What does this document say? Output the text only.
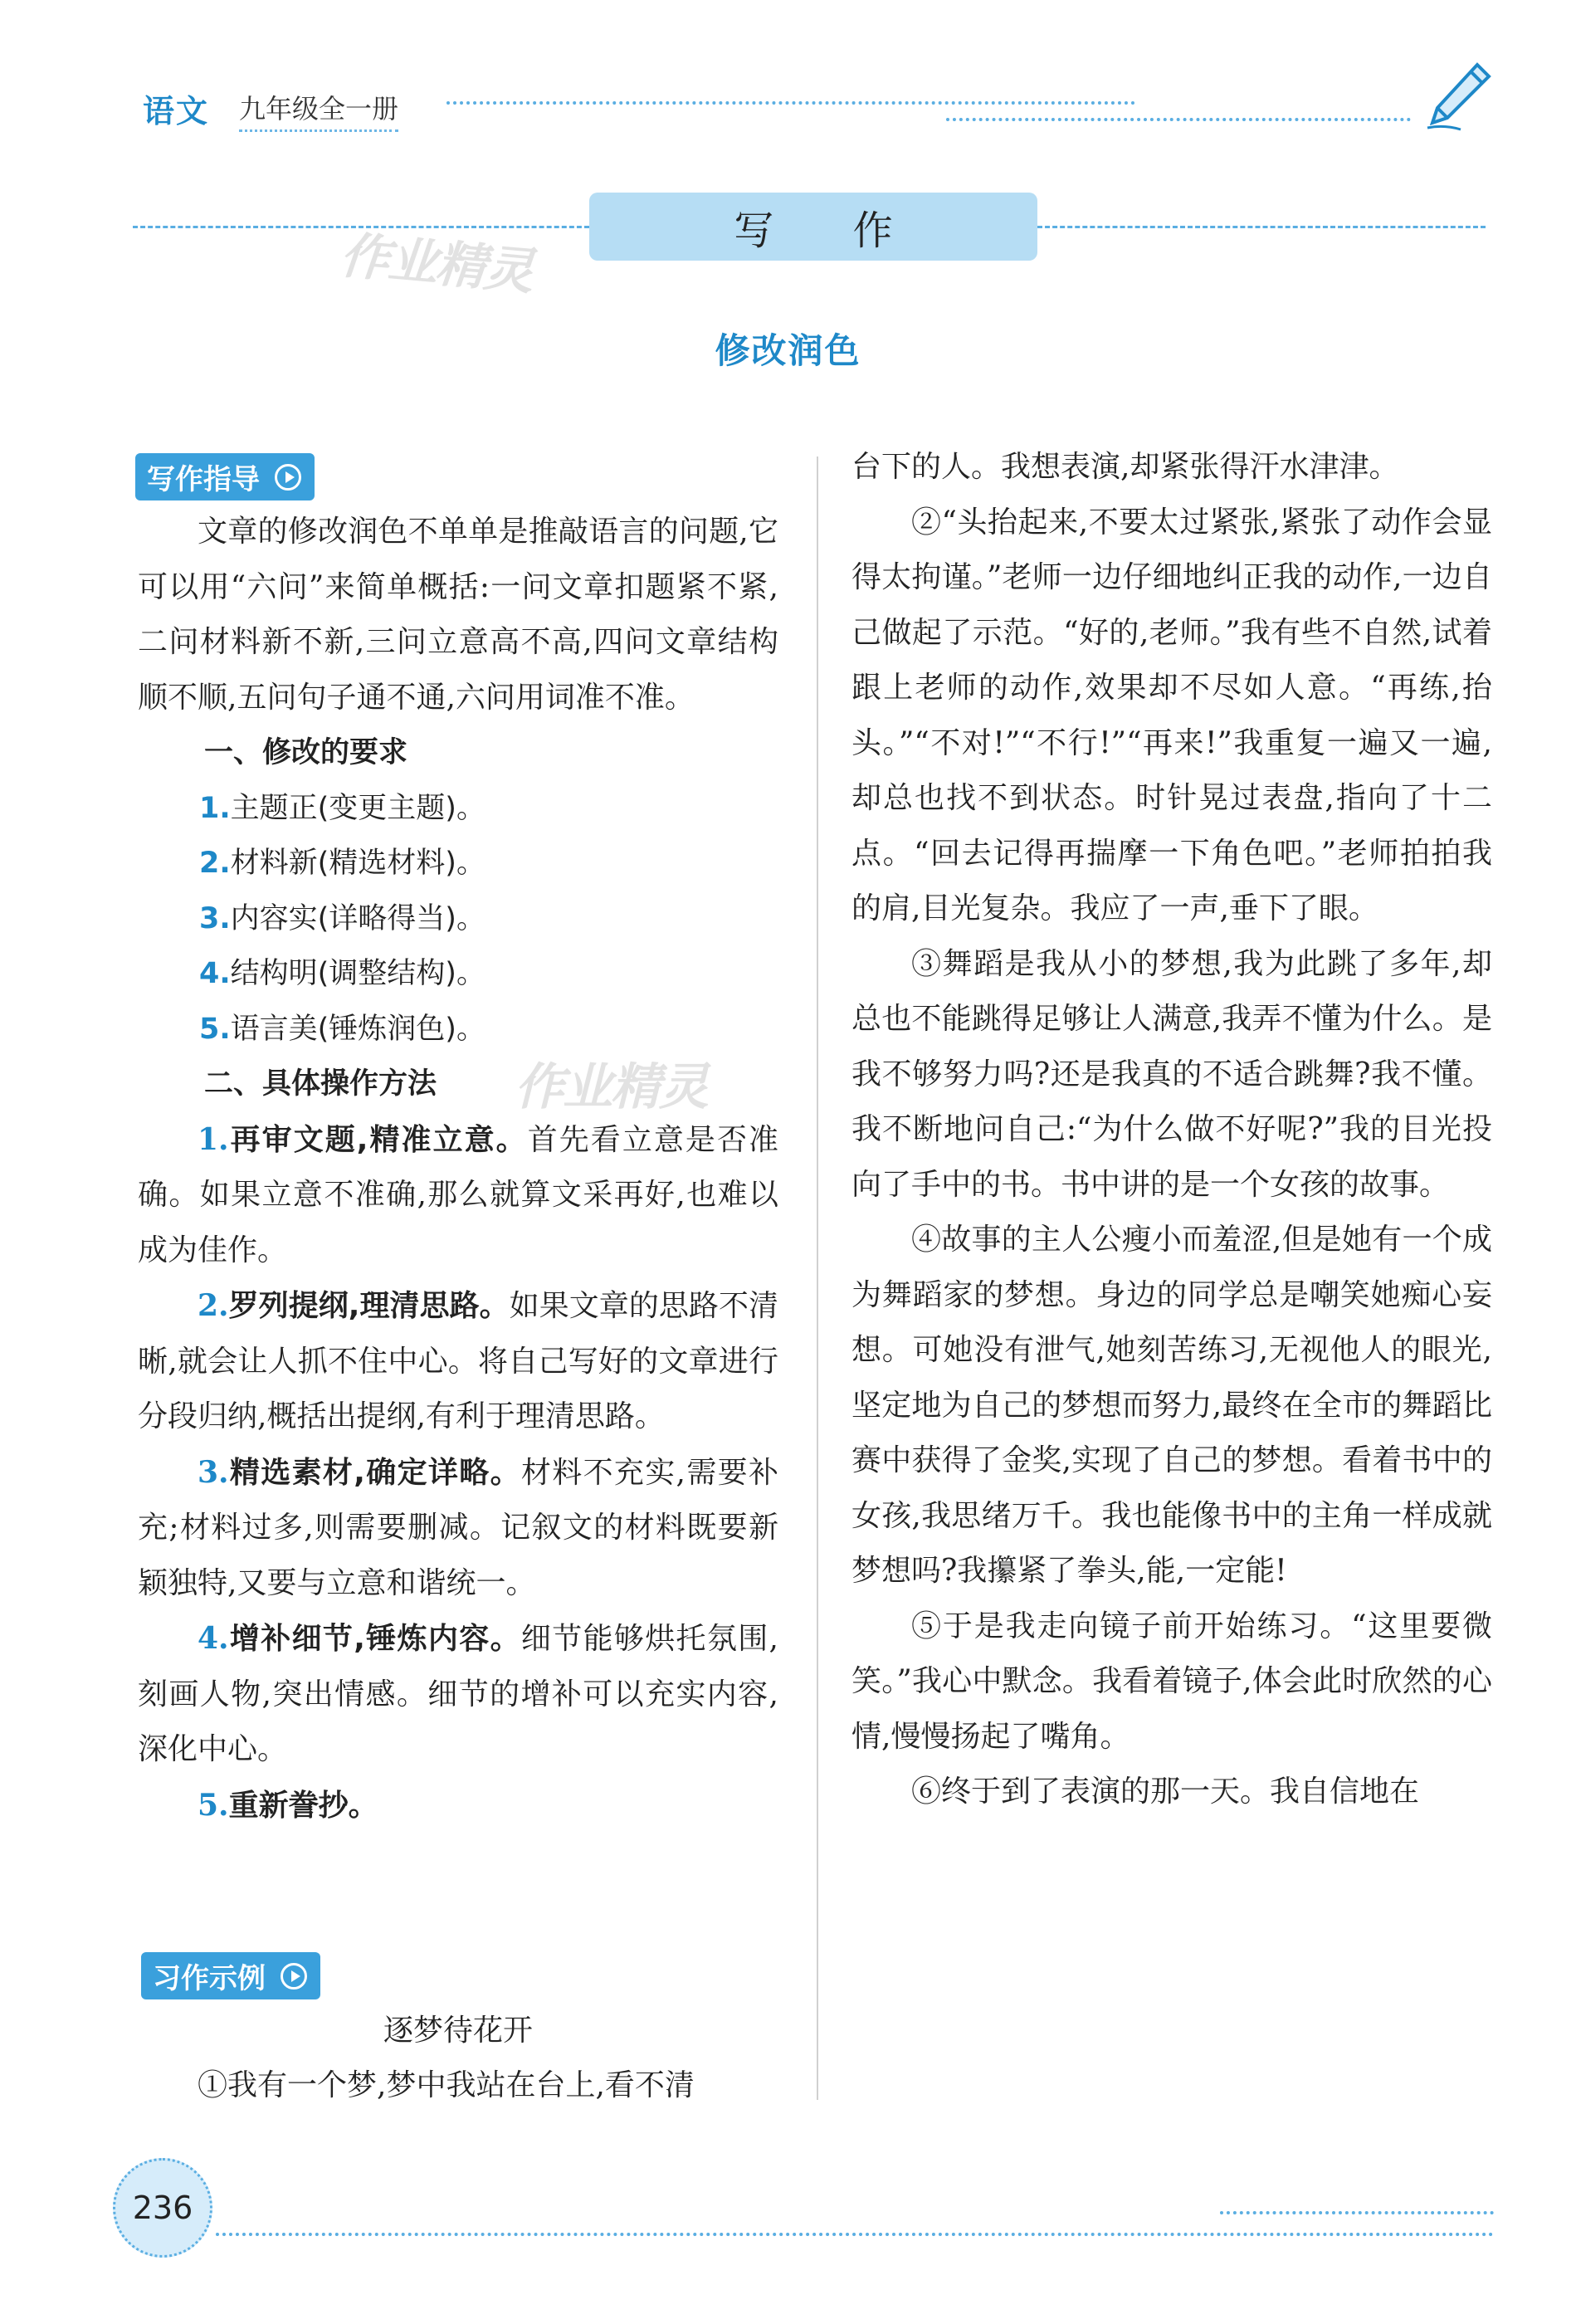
语文 九年级全一册
写 作
作业精灵
修改润色
写作指导

文章的修改润色不单单是推敲语言的问题,它可以用“六问”来简单概括:一问文章扣题紧不紧,二问材料新不新,三问立意高不高,四问文章结构顺不顺,五问句子通不通,六问用词准不准。

一、修改的要求
1.主题正(变更主题)。
2.材料新(精选材料)。
3.内容实(详略得当)。
4.结构明(调整结构)。
5.语言美(锤炼润色)。
二、具体操作方法

1.再审文题,精准立意。首先看立意是否准确。如果立意不准确,那么就算文采再好,也难以成为佳作。

2.罗列提纲,理清思路。如果文章的思路不清晰,就会让人抓不住中心。将自己写好的文章进行分段归纳,概括出提纲,有利于理清思路。

3.精选素材,确定详略。材料不充实,需要补充;材料过多,则需要删减。记叙文的材料既要新颖独特,又要与立意和谐统一。

4.增补细节,锤炼内容。细节能够烘托氛围,刻画人物,突出情感。细节的增补可以充实内容,深化中心。

5.重新誊抄。

作业精灵
习作示例
逐梦待花开

①我有一个梦,梦中我站在台上,看不清

台下的人。我想表演,却紧张得汗水津津。

②“头抬起来,不要太过紧张,紧张了动作会显得太拘谨。”老师一边仔细地纠正我的动作,一边自己做起了示范。“好的,老师。”我有些不自然,试着跟上老师的动作,效果却不尽如人意。“再练,抬头。”“不对!”“不行!”“再来!”我重复一遍又一遍,却总也找不到状态。时针晃过表盘,指向了十二点。“回去记得再揣摩一下角色吧。”老师拍拍我的肩,目光复杂。我应了一声,垂下了眼。

③舞蹈是我从小的梦想,我为此跳了多年,却总也不能跳得足够让人满意,我弄不懂为什么。是我不够努力吗?还是我真的不适合跳舞?我不懂。我不断地问自己:“为什么做不好呢?”我的目光投向了手中的书。书中讲的是一个女孩的故事。

④故事的主人公瘦小而羞涩,但是她有一个成为舞蹈家的梦想。身边的同学总是嘲笑她痴心妄想。可她没有泄气,她刻苦练习,无视他人的眼光,坚定地为自己的梦想而努力,最终在全市的舞蹈比赛中获得了金奖,实现了自己的梦想。看着书中的女孩,我思绪万千。我也能像书中的主角一样成就梦想吗?我攥紧了拳头,能,一定能!

⑤于是我走向镜子前开始练习。“这里要微笑。”我心中默念。我看着镜子,体会此时欣然的心情,慢慢扬起了嘴角。

⑥终于到了表演的那一天。我自信地在

236
